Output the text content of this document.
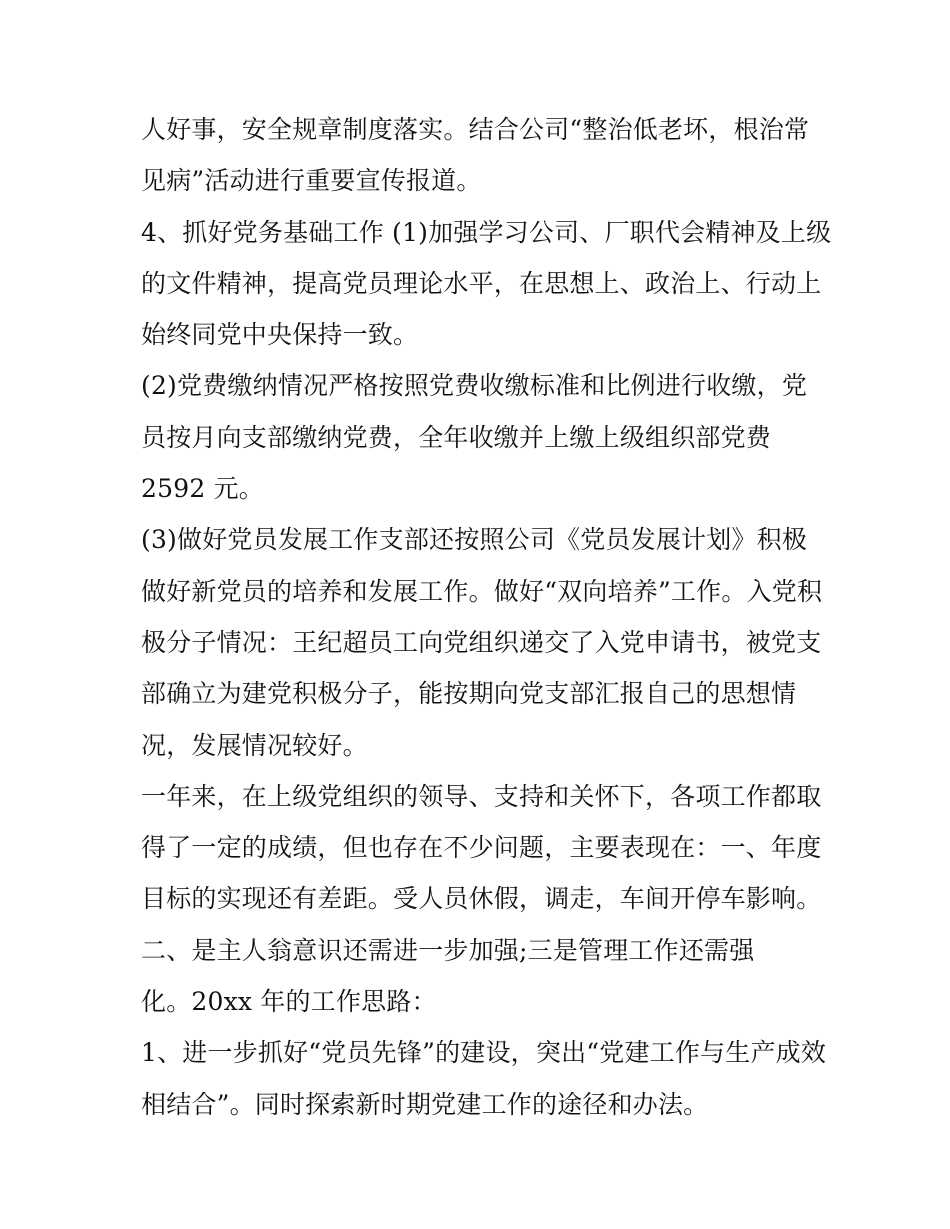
人好事，安全规章制度落实。结合公司“整治低老坏，根治常
见病”活动进行重要宣传报道。
4、抓好党务基础工作 (1)加强学习公司、厂职代会精神及上级
的文件精神，提高党员理论水平，在思想上、政治上、行动上
始终同党中央保持一致。
(2)党费缴纳情况严格按照党费收缴标准和比例进行收缴，党
员按月向支部缴纳党费，全年收缴并上缴上级组织部党费
2592 元。
(3)做好党员发展工作支部还按照公司《党员发展计划》积极
做好新党员的培养和发展工作。做好“双向培养”工作。入党积
极分子情况：王纪超员工向党组织递交了入党申请书，被党支
部确立为建党积极分子，能按期向党支部汇报自己的思想情
况，发展情况较好。
一年来，在上级党组织的领导、支持和关怀下，各项工作都取
得了一定的成绩，但也存在不少问题，主要表现在：一、年度
目标的实现还有差距。受人员休假，调走，车间开停车影响。
二、是主人翁意识还需进一步加强;三是管理工作还需强
化。20xx 年的工作思路：
1、进一步抓好“党员先锋”的建设，突出“党建工作与生产成效
相结合”。同时探索新时期党建工作的途径和办法。
